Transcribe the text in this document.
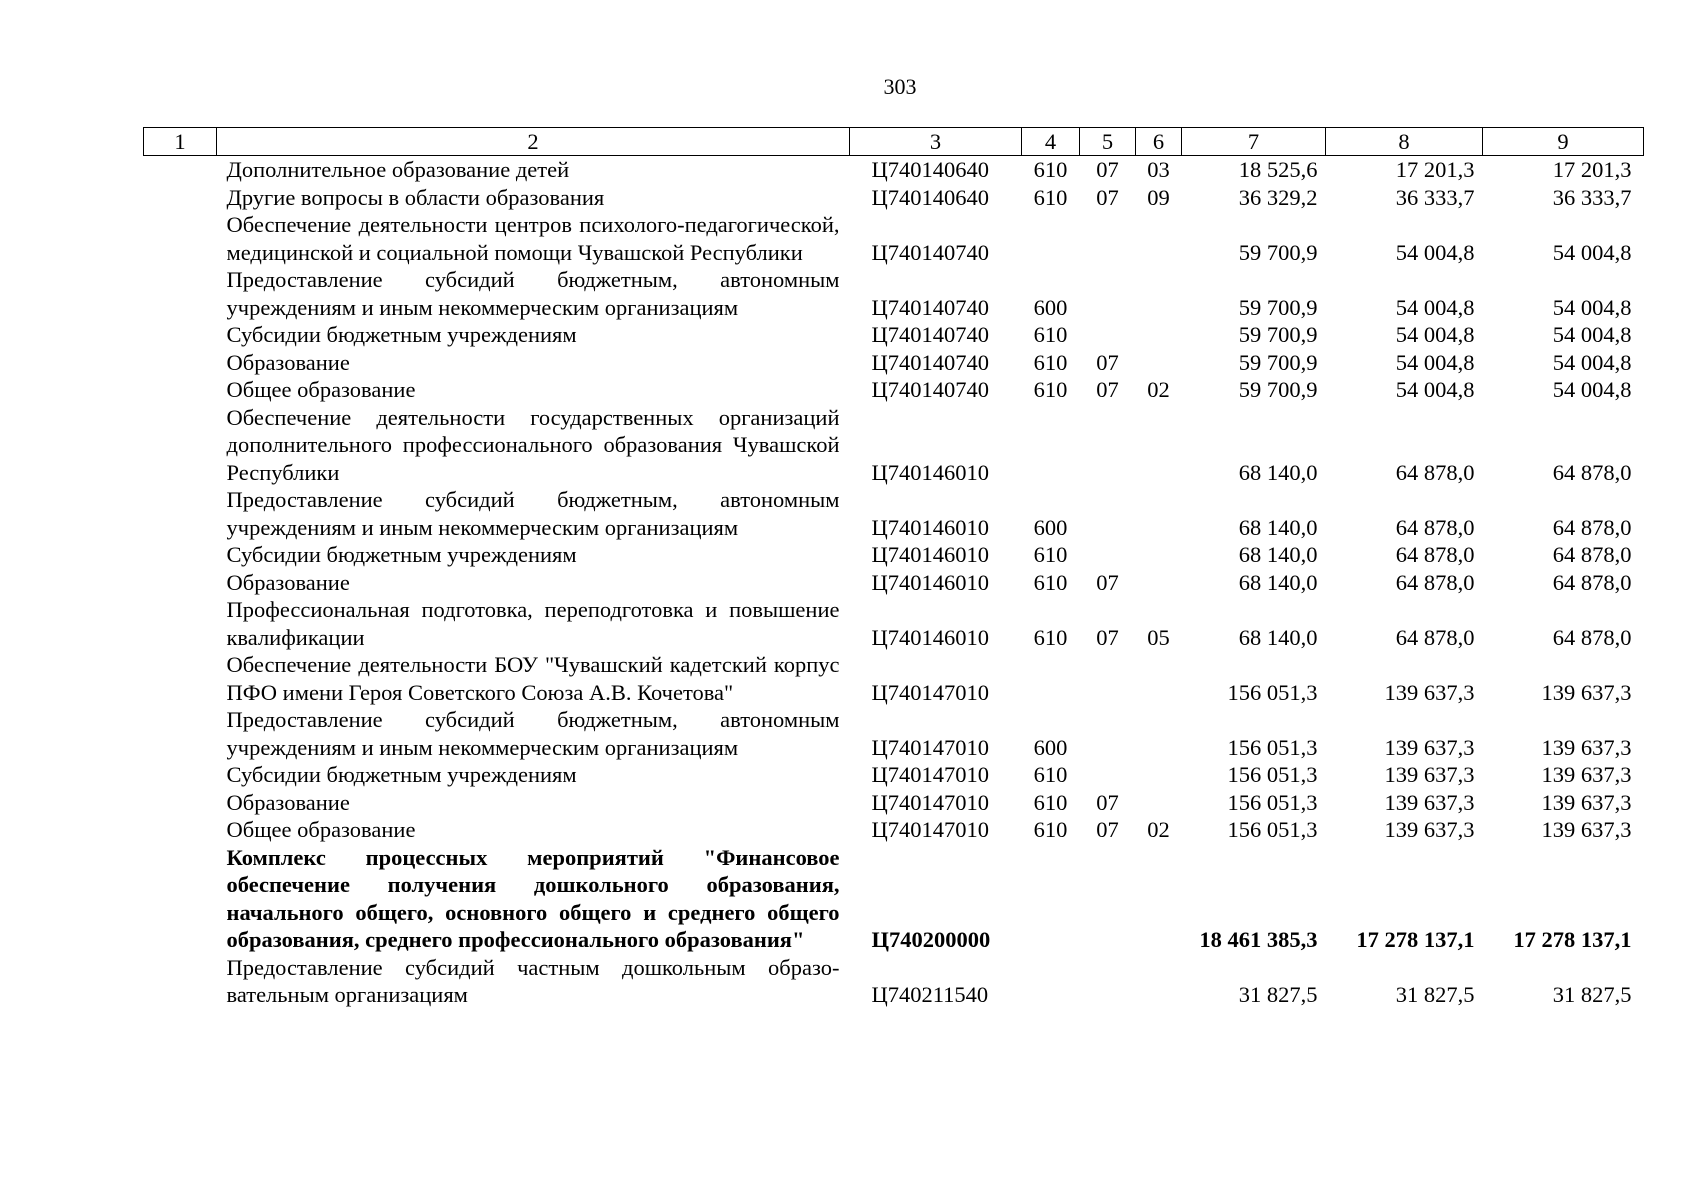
303
1	2	3	4	5	6	7	8	9
	Дополнительное образование детей	Ц740140640	610	07	03	18 525,6	17 201,3	17 201,3
	Другие вопросы в области образования	Ц740140640	610	07	09	36 329,2	36 333,7	36 333,7
	Обеспечение деятельности центров психолого-педагогической, медицинской и социальной помощи Чувашской Республики	Ц740140740				59 700,9	54 004,8	54 004,8
	Предоставление субсидий бюджетным, автономным учреждениям и иным некоммерческим организациям	Ц740140740	600			59 700,9	54 004,8	54 004,8
	Субсидии бюджетным учреждениям	Ц740140740	610			59 700,9	54 004,8	54 004,8
	Образование	Ц740140740	610	07		59 700,9	54 004,8	54 004,8
	Общее образование	Ц740140740	610	07	02	59 700,9	54 004,8	54 004,8
	Обеспечение деятельности государственных организаций дополнительного профессионального образования Чувашской Республики	Ц740146010				68 140,0	64 878,0	64 878,0
	Предоставление субсидий бюджетным, автономным учреждениям и иным некоммерческим организациям	Ц740146010	600			68 140,0	64 878,0	64 878,0
	Субсидии бюджетным учреждениям	Ц740146010	610			68 140,0	64 878,0	64 878,0
	Образование	Ц740146010	610	07		68 140,0	64 878,0	64 878,0
	Профессиональная подготовка, переподготовка и повышение квалификации	Ц740146010	610	07	05	68 140,0	64 878,0	64 878,0
	Обеспечение деятельности БОУ "Чувашский кадетский корпус ПФО имени Героя Советского Союза А.В. Кочетова"	Ц740147010				156 051,3	139 637,3	139 637,3
	Предоставление субсидий бюджетным, автономным учреждениям и иным некоммерческим организациям	Ц740147010	600			156 051,3	139 637,3	139 637,3
	Субсидии бюджетным учреждениям	Ц740147010	610			156 051,3	139 637,3	139 637,3
	Образование	Ц740147010	610	07		156 051,3	139 637,3	139 637,3
	Общее образование	Ц740147010	610	07	02	156 051,3	139 637,3	139 637,3
	Комплекс процессных мероприятий "Финансовое обеспечение получения дошкольного образования, начального общего, основного общего и среднего общего образования, среднего профессионального образования"	Ц740200000				18 461 385,3	17 278 137,1	17 278 137,1
	Предоставление субсидий частным дошкольным образовательным организациям	Ц740211540				31 827,5	31 827,5	31 827,5
